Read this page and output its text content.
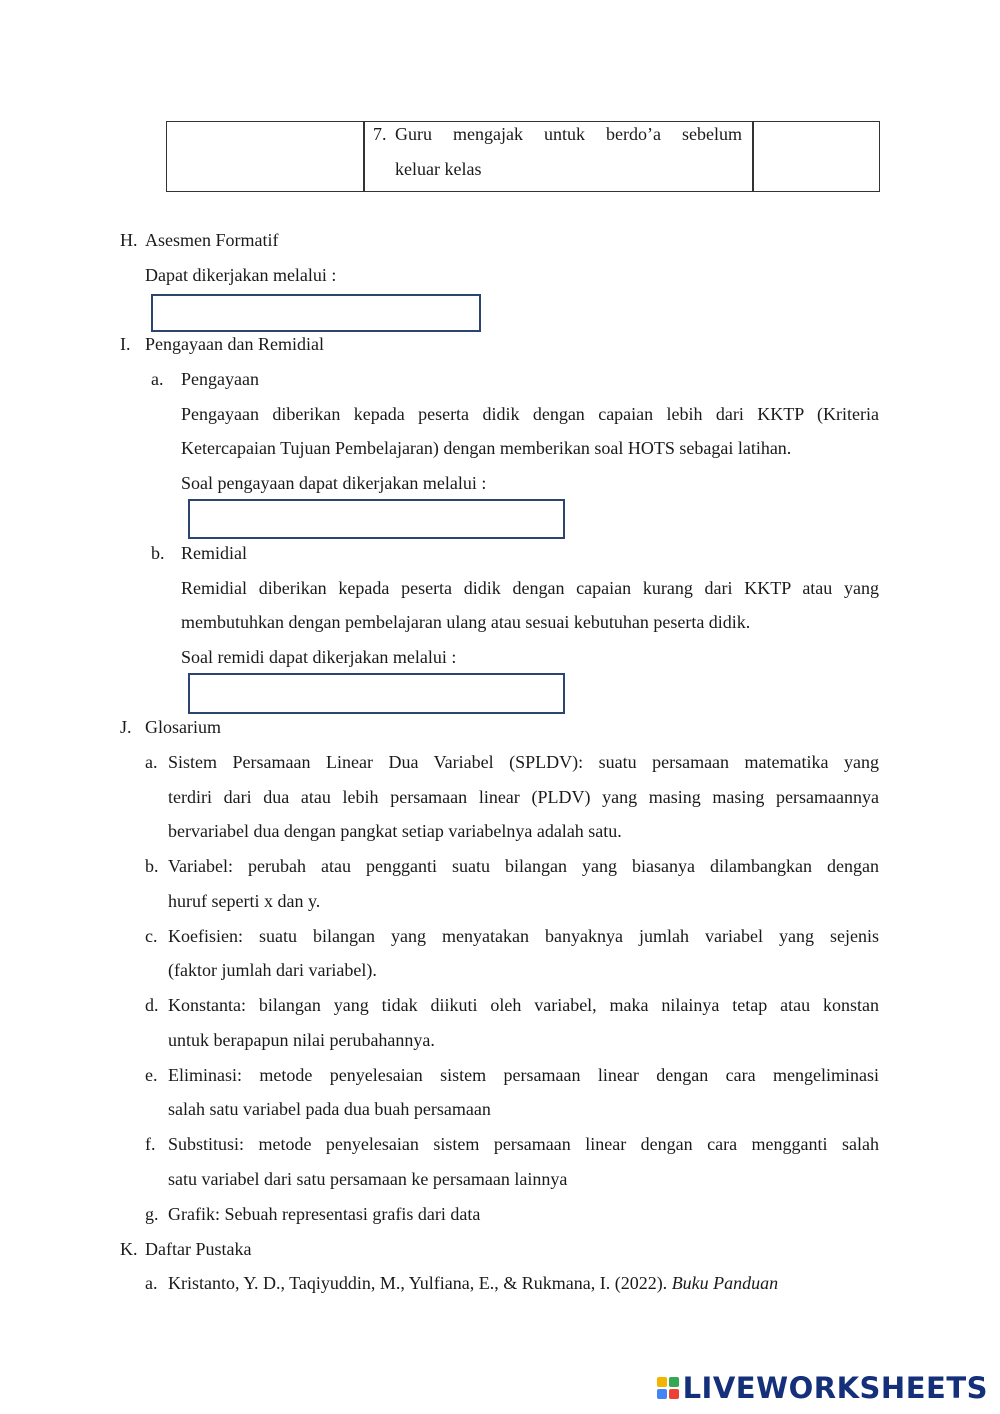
7. Guru mengajak untuk berdo’a sebelum
keluar kelas
H. Asesmen Formatif
Dapat dikerjakan melalui :
I. Pengayaan dan Remidial
a. Pengayaan
Pengayaan diberikan kepada peserta didik dengan capaian lebih dari KKTP (Kriteria
Ketercapaian Tujuan Pembelajaran) dengan memberikan soal HOTS sebagai latihan.
Soal pengayaan dapat dikerjakan melalui :
b. Remidial
Remidial diberikan kepada peserta didik dengan capaian kurang dari KKTP atau yang
membutuhkan dengan pembelajaran ulang atau sesuai kebutuhan peserta didik.
Soal remidi dapat dikerjakan melalui :
J. Glosarium
a. Sistem Persamaan Linear Dua Variabel (SPLDV): suatu persamaan matematika yang
terdiri dari dua atau lebih persamaan linear (PLDV) yang masing masing persamaannya
bervariabel dua dengan pangkat setiap variabelnya adalah satu.
b. Variabel: perubah atau pengganti suatu bilangan yang biasanya dilambangkan dengan
huruf seperti x dan y.
c. Koefisien: suatu bilangan yang menyatakan banyaknya jumlah variabel yang sejenis
(faktor jumlah dari variabel).
d. Konstanta: bilangan yang tidak diikuti oleh variabel, maka nilainya tetap atau konstan
untuk berapapun nilai perubahannya.
e. Eliminasi: metode penyelesaian sistem persamaan linear dengan cara mengeliminasi
salah satu variabel pada dua buah persamaan
f. Substitusi: metode penyelesaian sistem persamaan linear dengan cara mengganti salah
satu variabel dari satu persamaan ke persamaan lainnya
g. Grafik: Sebuah representasi grafis dari data
K. Daftar Pustaka
a. Kristanto, Y. D., Taqiyuddin, M., Yulfiana, E., & Rukmana, I. (2022). Buku Panduan
LIVEWORKSHEETS
